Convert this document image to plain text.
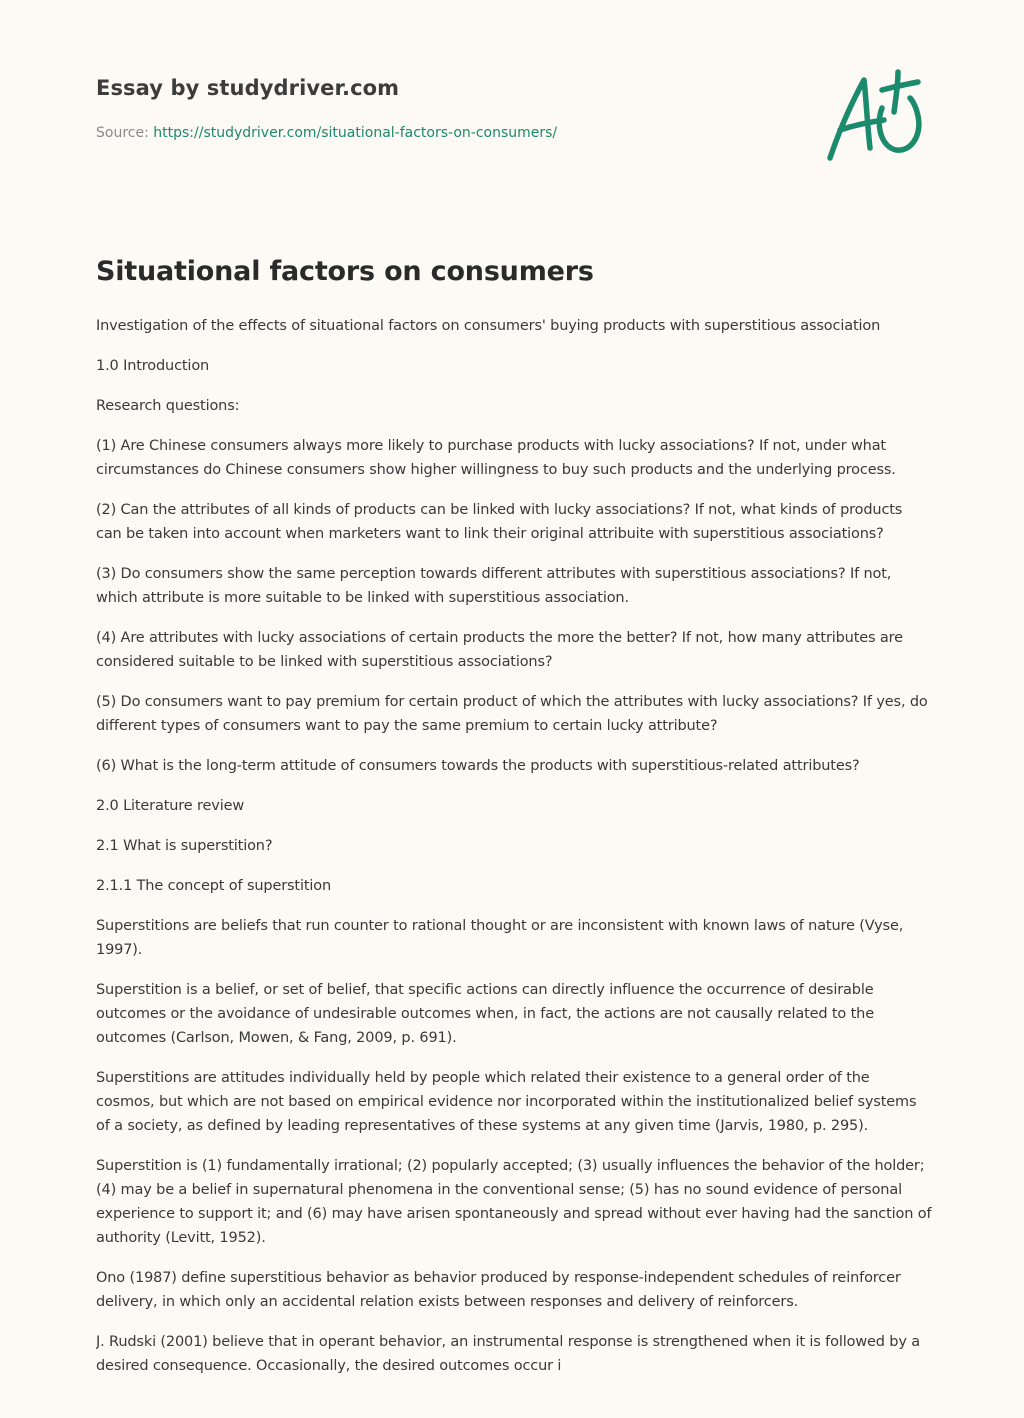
Essay by studydriver.com
Source: https://studydriver.com/situational-factors-on-consumers/
Situational factors on consumers

Investigation of the effects of situational factors on consumers' buying products with superstitious association

1.0 Introduction

Research questions:

(1) Are Chinese consumers always more likely to purchase products with lucky associations? If not, under what circumstances do Chinese consumers show higher willingness to buy such products and the underlying process.

(2) Can the attributes of all kinds of products can be linked with lucky associations? If not, what kinds of products can be taken into account when marketers want to link their original attribuite with superstitious associations?

(3) Do consumers show the same perception towards different attributes with superstitious associations? If not, which attribute is more suitable to be linked with superstitious association.

(4) Are attributes with lucky associations of certain products the more the better? If not, how many attributes are considered suitable to be linked with superstitious associations?

(5) Do consumers want to pay premium for certain product of which the attributes with lucky associations? If yes, do different types of consumers want to pay the same premium to certain lucky attribute?

(6) What is the long-term attitude of consumers towards the products with superstitious-related attributes?

2.0 Literature review

2.1 What is superstition?

2.1.1 The concept of superstition

Superstitions are beliefs that run counter to rational thought or are inconsistent with known laws of nature (Vyse, 1997).

Superstition is a belief, or set of belief, that specific actions can directly influence the occurrence of desirable outcomes or the avoidance of undesirable outcomes when, in fact, the actions are not causally related to the outcomes (Carlson, Mowen, & Fang, 2009, p. 691).

Superstitions are attitudes individually held by people which related their existence to a general order of the cosmos, but which are not based on empirical evidence nor incorporated within the institutionalized belief systems of a society, as defined by leading representatives of these systems at any given time (Jarvis, 1980, p. 295).

Superstition is (1) fundamentally irrational; (2) popularly accepted; (3) usually influences the behavior of the holder; (4) may be a belief in supernatural phenomena in the conventional sense; (5) has no sound evidence of personal experience to support it; and (6) may have arisen spontaneously and spread without ever having had the sanction of authority (Levitt, 1952).

Ono (1987) define superstitious behavior as behavior produced by response-independent schedules of reinforcer delivery, in which only an accidental relation exists between responses and delivery of reinforcers.

J. Rudski (2001) believe that in operant behavior, an instrumental response is strengthened when it is followed by a desired consequence. Occasionally, the desired outcomes occur i
